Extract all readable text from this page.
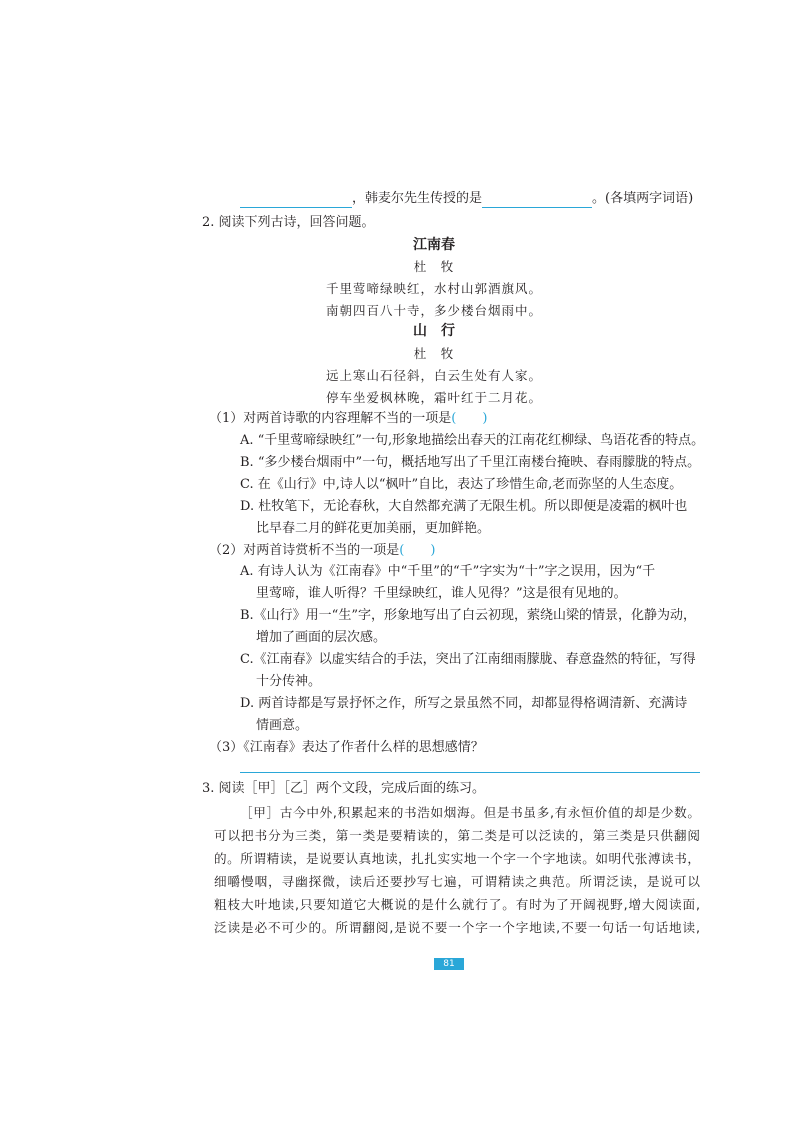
，韩麦尔先生传授的是	。(各填两字词语)
2. 阅读下列古诗，回答问题。
江南春
杜　牧
千里莺啼绿映红，水村山郭酒旗风。
南朝四百八十寺，多少楼台烟雨中。
山　行
杜　牧
远上寒山石径斜，白云生处有人家。
停车坐爱枫林晚，霜叶红于二月花。
（1）对两首诗歌的内容理解不当的一项是(　　)
A. “千里莺啼绿映红”一句,形象地描绘出春天的江南花红柳绿、鸟语花香的特点。
B. “多少楼台烟雨中”一句，概括地写出了千里江南楼台掩映、春雨朦胧的特点。
C. 在《山行》中,诗人以“枫叶”自比，表达了珍惜生命,老而弥坚的人生态度。
D. 杜牧笔下，无论春秋，大自然都充满了无限生机。所以即便是凌霜的枫叶也
比早春二月的鲜花更加美丽，更加鲜艳。
（2）对两首诗赏析不当的一项是(　　)
A. 有诗人认为《江南春》中“千里”的“千”字实为“十”字之误用，因为“千
里莺啼，谁人听得？千里绿映红，谁人见得？”这是很有见地的。
B.《山行》用一“生”字，形象地写出了白云初现，萦绕山梁的情景，化静为动，
增加了画面的层次感。
C.《江南春》以虚实结合的手法，突出了江南细雨朦胧、春意盎然的特征，写得
十分传神。
D. 两首诗都是写景抒怀之作，所写之景虽然不同，却都显得格调清新、充满诗
情画意。
（3）《江南春》表达了作者什么样的思想感情？
3. 阅读［甲］［乙］两个文段，完成后面的练习。
［甲］古今中外,积累起来的书浩如烟海。但是书虽多,有永恒价值的却是少数。
可以把书分为三类，第一类是要精读的，第二类是可以泛读的，第三类是只供翻阅
的。所谓精读，是说要认真地读，扎扎实实地一个字一个字地读。如明代张溥读书，
细嚼慢咽，寻幽探微，读后还要抄写七遍，可谓精读之典范。所谓泛读，是说可以
粗枝大叶地读,只要知道它大概说的是什么就行了。有时为了开阔视野,增大阅读面,
泛读是必不可少的。所谓翻阅,是说不要一个字一个字地读,不要一句话一句话地读,
81
